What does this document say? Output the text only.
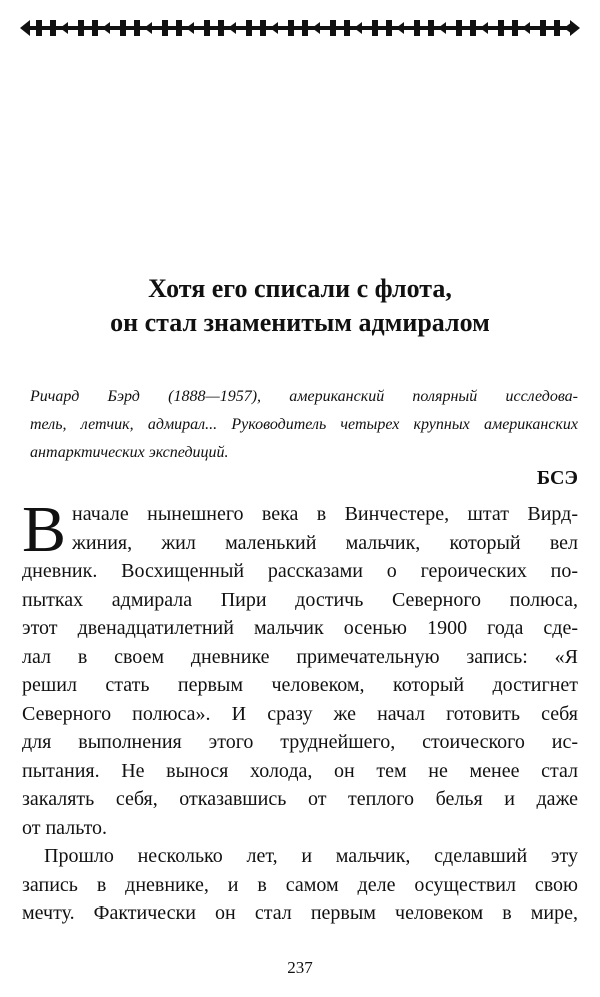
Хотя его списали с флота,
он стал знаменитым адмиралом
Ричард Бэрд (1888—1957), американский полярный исследова-
тель, летчик, адмирал... Руководитель четырех крупных американских
антарктических экспедиций.
БСЭ
В начале нынешнего века в Винчестере, штат Вирд-
жиния, жил маленький мальчик, который вел
дневник. Восхищенный рассказами о героических по-
пытках адмирала Пири достичь Северного полюса,
этот двенадцатилетний мальчик осенью 1900 года сде-
лал в своем дневнике примечательную запись: «Я
решил стать первым человеком, который достигнет
Северного полюса». И сразу же начал готовить себя
для выполнения этого труднейшего, стоического ис-
пытания. Не вынося холода, он тем не менее стал
закалять себя, отказавшись от теплого белья и даже
от пальто.
Прошло несколько лет, и мальчик, сделавший эту
запись в дневнике, и в самом деле осуществил свою
мечту. Фактически он стал первым человеком в мире,
237
